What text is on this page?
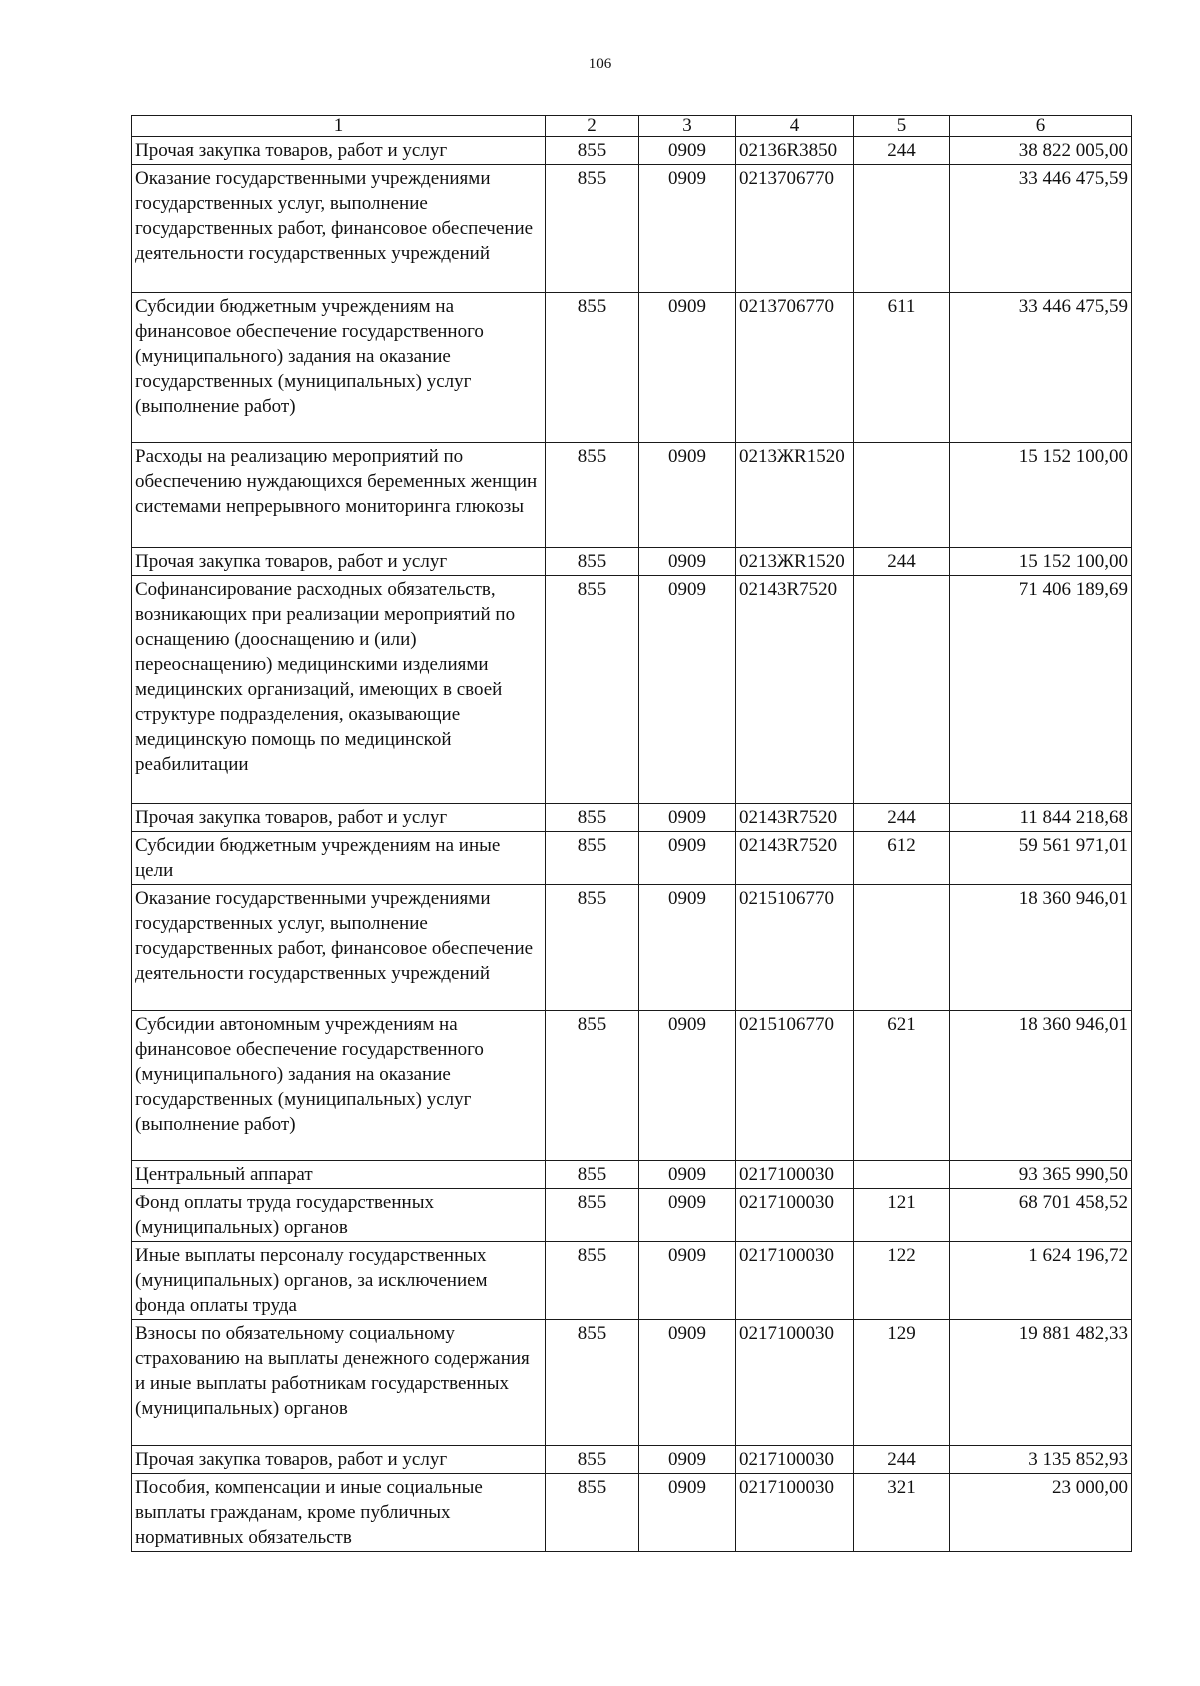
106
1	2	3	4	5	6
Прочая закупка товаров, работ и услуг	855	0909	02136R3850	244	38 822 005,00
Оказание государственными учреждениями государственных услуг, выполнение государственных работ, финансовое обеспечение деятельности государственных учреждений	855	0909	0213706770		33 446 475,59
Субсидии бюджетным учреждениям на финансовое обеспечение государственного (муниципального) задания на оказание государственных (муниципальных) услуг (выполнение работ)	855	0909	0213706770	611	33 446 475,59
Расходы на реализацию мероприятий по обеспечению нуждающихся беременных женщин системами непрерывного мониторинга глюкозы	855	0909	0213ЖR1520		15 152 100,00
Прочая закупка товаров, работ и услуг	855	0909	0213ЖR1520	244	15 152 100,00
Софинансирование расходных обязательств, возникающих при реализации мероприятий по оснащению (дооснащению и (или) переоснащению) медицинскими изделиями медицинских организаций, имеющих в своей структуре подразделения, оказывающие медицинскую помощь по медицинской реабилитации	855	0909	02143R7520		71 406 189,69
Прочая закупка товаров, работ и услуг	855	0909	02143R7520	244	11 844 218,68
Субсидии бюджетным учреждениям на иные цели	855	0909	02143R7520	612	59 561 971,01
Оказание государственными учреждениями государственных услуг, выполнение государственных работ, финансовое обеспечение деятельности государственных учреждений	855	0909	0215106770		18 360 946,01
Субсидии автономным учреждениям на финансовое обеспечение государственного (муниципального) задания на оказание государственных (муниципальных) услуг (выполнение работ)	855	0909	0215106770	621	18 360 946,01
Центральный аппарат	855	0909	0217100030		93 365 990,50
Фонд оплаты труда государственных (муниципальных) органов	855	0909	0217100030	121	68 701 458,52
Иные выплаты персоналу государственных (муниципальных) органов, за исключением фонда оплаты труда	855	0909	0217100030	122	1 624 196,72
Взносы по обязательному социальному страхованию на выплаты денежного содержания и иные выплаты работникам государственных (муниципальных) органов	855	0909	0217100030	129	19 881 482,33
Прочая закупка товаров, работ и услуг	855	0909	0217100030	244	3 135 852,93
Пособия, компенсации и иные социальные выплаты гражданам, кроме публичных нормативных обязательств	855	0909	0217100030	321	23 000,00
